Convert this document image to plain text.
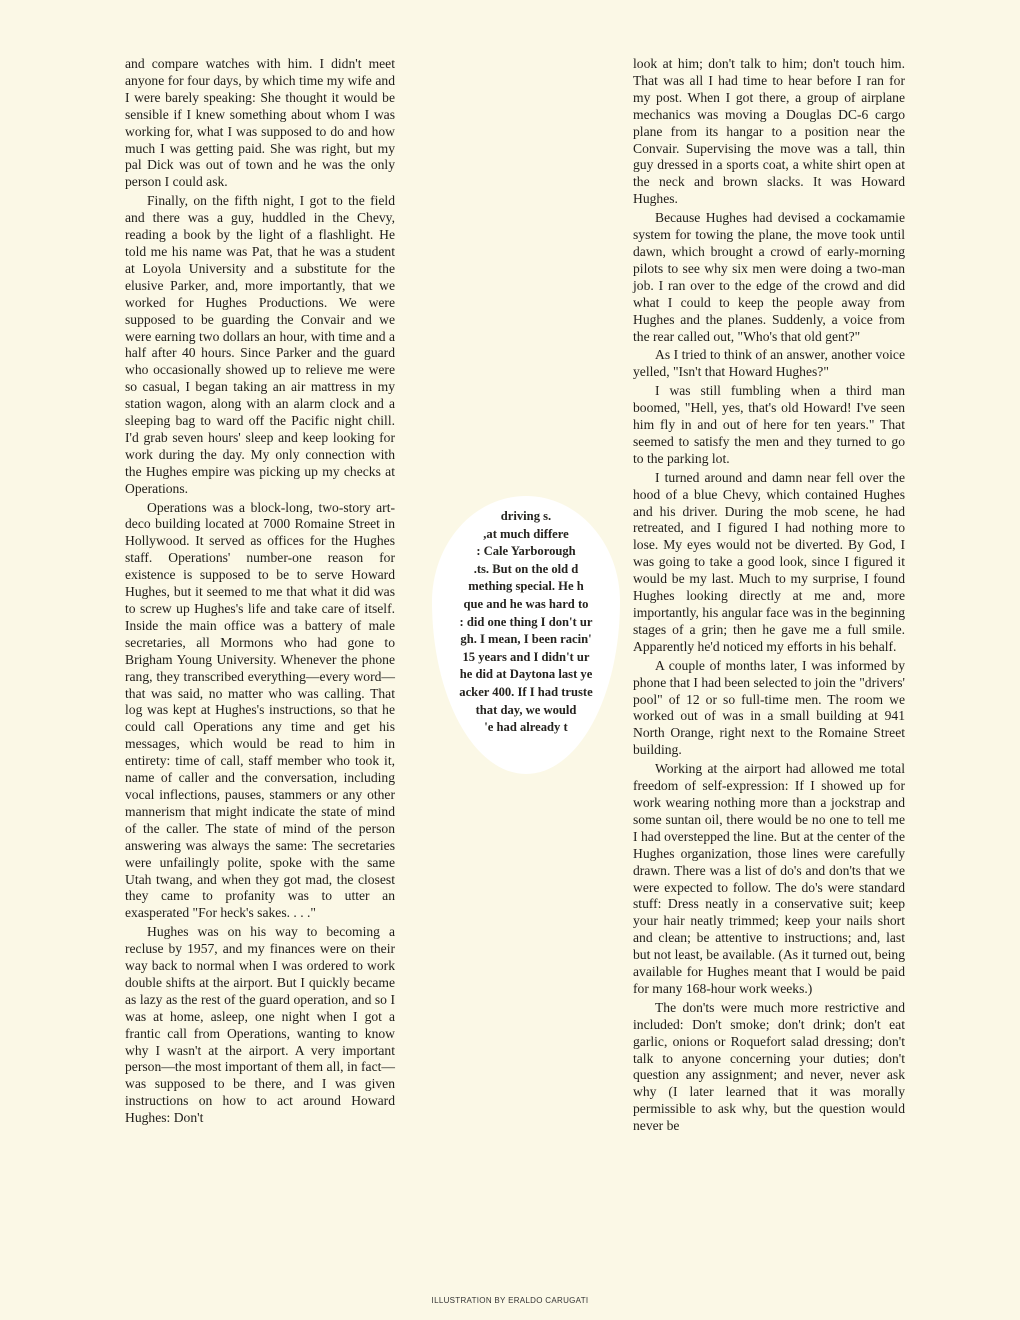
and compare watches with him. I didn't meet anyone for four days, by which time my wife and I were barely speaking: She thought it would be sensible if I knew something about whom I was working for, what I was supposed to do and how much I was getting paid. She was right, but my pal Dick was out of town and he was the only person I could ask.

Finally, on the fifth night, I got to the field and there was a guy, huddled in the Chevy, reading a book by the light of a flashlight. He told me his name was Pat, that he was a student at Loyola University and a substitute for the elusive Parker, and, more importantly, that we worked for Hughes Productions. We were supposed to be guarding the Convair and we were earning two dollars an hour, with time and a half after 40 hours. Since Parker and the guard who occasionally showed up to relieve me were so casual, I began taking an air mattress in my station wagon, along with an alarm clock and a sleeping bag to ward off the Pacific night chill. I'd grab seven hours' sleep and keep looking for work during the day. My only connection with the Hughes empire was picking up my checks at Operations.

Operations was a block-long, two-story art-deco building located at 7000 Romaine Street in Hollywood. It served as offices for the Hughes staff. Operations' number-one reason for existence is supposed to be to serve Howard Hughes, but it seemed to me that what it did was to screw up Hughes's life and take care of itself. Inside the main office was a battery of male secretaries, all Mormons who had gone to Brigham Young University. Whenever the phone rang, they transcribed everything—every word—that was said, no matter who was calling. That log was kept at Hughes's instructions, so that he could call Operations any time and get his messages, which would be read to him in entirety: time of call, staff member who took it, name of caller and the conversation, including vocal inflections, pauses, stammers or any other mannerism that might indicate the state of mind of the caller. The state of mind of the person answering was always the same: The secretaries were unfailingly polite, spoke with the same Utah twang, and when they got mad, the closest they came to profanity was to utter an exasperated "For heck's sakes. . . ."

Hughes was on his way to becoming a recluse by 1957, and my finances were on their way back to normal when I was ordered to work double shifts at the airport. But I quickly became as lazy as the rest of the guard operation, and so I was at home, asleep, one night when I got a frantic call from Operations, wanting to know why I wasn't at the airport. A very important person—the most important of them all, in fact—was supposed to be there, and I was given instructions on how to act around Howard Hughes: Don't

driving s.
,at much differe
: Cale Yarborough
.ts. But on the old d
mething special. He h
que and he was hard to
: did one thing I don't ur
gh. I mean, I been racin'
15 years and I didn't ur
he did at Daytona last ye
acker 400. If I had truste
that day, we would
'e had already t

look at him; don't talk to him; don't touch him. That was all I had time to hear before I ran for my post. When I got there, a group of airplane mechanics was moving a Douglas DC-6 cargo plane from its hangar to a position near the Convair. Supervising the move was a tall, thin guy dressed in a sports coat, a white shirt open at the neck and brown slacks. It was Howard Hughes.

Because Hughes had devised a cockamamie system for towing the plane, the move took until dawn, which brought a crowd of early-morning pilots to see why six men were doing a two-man job. I ran over to the edge of the crowd and did what I could to keep the people away from Hughes and the planes. Suddenly, a voice from the rear called out, "Who's that old gent?"

As I tried to think of an answer, another voice yelled, "Isn't that Howard Hughes?"

I was still fumbling when a third man boomed, "Hell, yes, that's old Howard! I've seen him fly in and out of here for ten years." That seemed to satisfy the men and they turned to go to the parking lot.

I turned around and damn near fell over the hood of a blue Chevy, which contained Hughes and his driver. During the mob scene, he had retreated, and I figured I had nothing more to lose. My eyes would not be diverted. By God, I was going to take a good look, since I figured it would be my last. Much to my surprise, I found Hughes looking directly at me and, more importantly, his angular face was in the beginning stages of a grin; then he gave me a full smile. Apparently he'd noticed my efforts in his behalf.

A couple of months later, I was informed by phone that I had been selected to join the "drivers' pool" of 12 or so full-time men. The room we worked out of was in a small building at 941 North Orange, right next to the Romaine Street building.

Working at the airport had allowed me total freedom of self-expression: If I showed up for work wearing nothing more than a jockstrap and some suntan oil, there would be no one to tell me I had overstepped the line. But at the center of the Hughes organization, those lines were carefully drawn. There was a list of do's and don'ts that we were expected to follow. The do's were standard stuff: Dress neatly in a conservative suit; keep your hair neatly trimmed; keep your nails short and clean; be attentive to instructions; and, last but not least, be available. (As it turned out, being available for Hughes meant that I would be paid for many 168-hour work weeks.)

The don'ts were much more restrictive and included: Don't smoke; don't drink; don't eat garlic, onions or Roquefort salad dressing; don't talk to anyone concerning your duties; don't question any assignment; and never, never ask why (I later learned that it was morally permissible to ask why, but the question would never be

ILLUSTRATION BY ERALDO CARUGATI
